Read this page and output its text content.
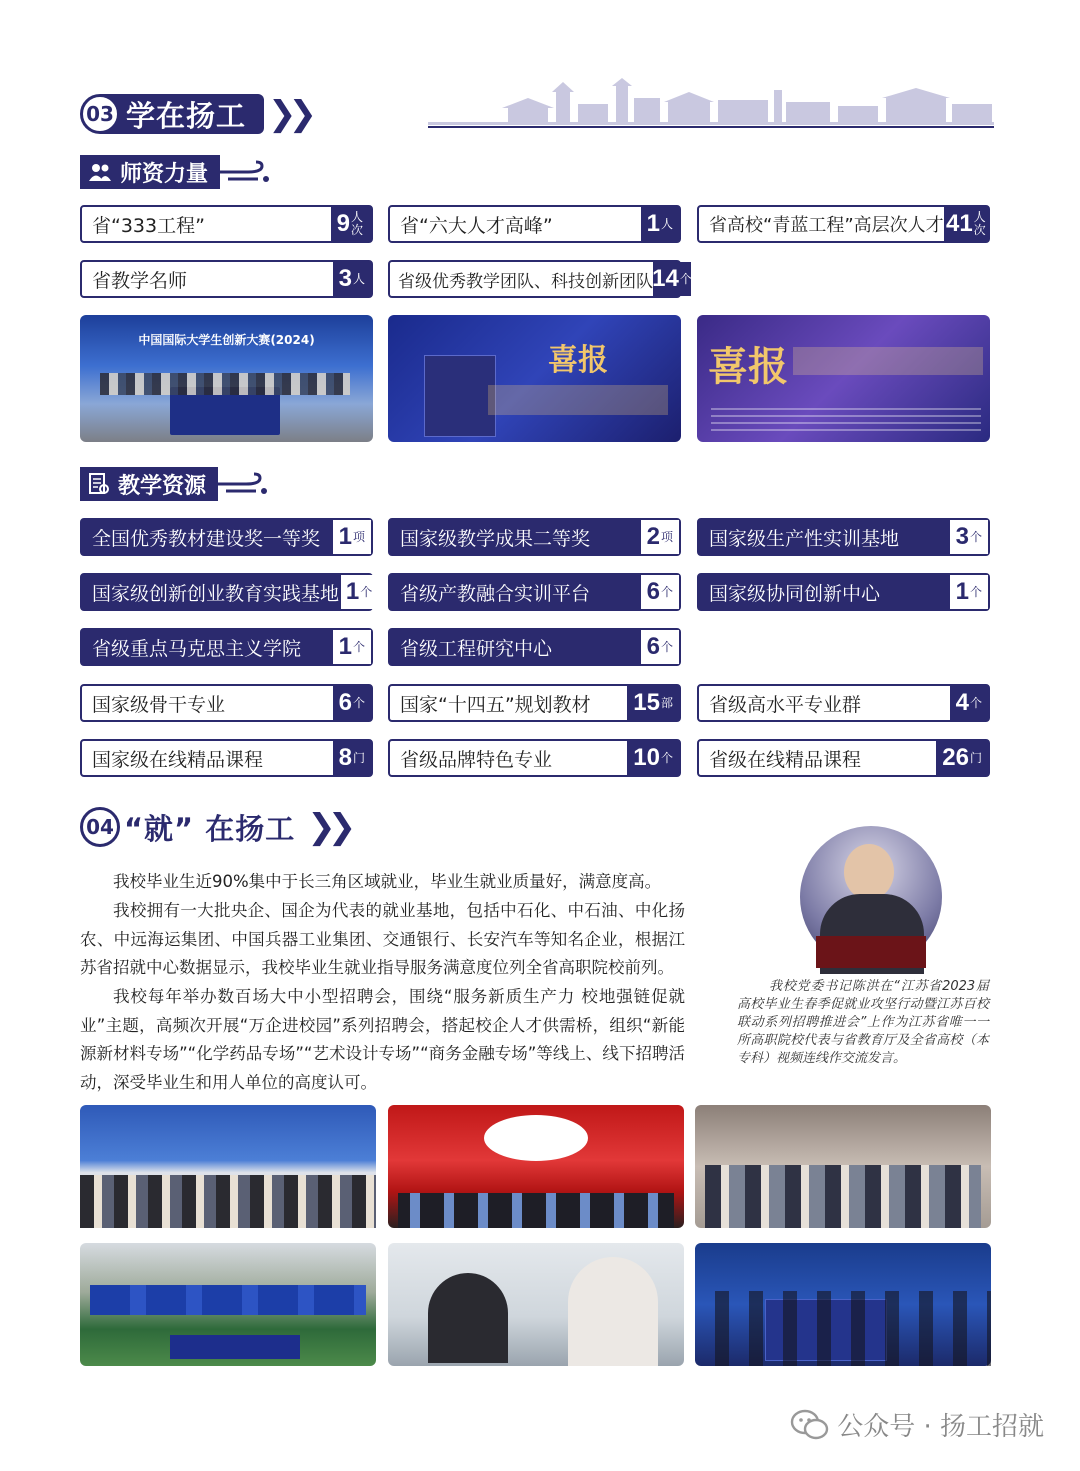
03 学在扬工 ❯❯
师资力量
省“333工程”	9 人次	省“六大人才高峰”	1 人	省高校“青蓝工程”高层次人才 41 人次
省教学名师	3 人	省级优秀教学团队、科技创新团队 14 个
中国国际大学生创新大赛(2024)
喜报	喜报
教学资源
全国优秀教材建设奖一等奖 1 项	国家级教学成果二等奖	2 项	国家级生产性实训基地	3 个
国家级创新创业教育实践基地 1 个	省级产教融合实训平台	6 个	国家级协同创新中心	1 个
省级重点马克思主义学院	1 个	省级工程研究中心	6 个
国家级骨干专业	6 个	国家“十四五”规划教材	15 部	省级高水平专业群	4 个
国家级在线精品课程	8 门	省级品牌特色专业	10 个	省级在线精品课程	26 门
04 “就” 在扬工 ❯❯
我校毕业生近90%集中于长三角区域就业，毕业生就业质量好，满意度高。
我校拥有一大批央企、国企为代表的就业基地，包括中石化、中石油、中化扬农、中远海运集团、中国兵器工业集团、交通银行、长安汽车等知名企业，根据江苏省招就中心数据显示，我校毕业生就业指导服务满意度位列全省高职院校前列。
我校每年举办数百场大中小型招聘会，围绕“服务新质生产力 校地强链促就业”主题，高频次开展“万企进校园”系列招聘会，搭起校企人才供需桥，组织“新能源新材料专场”“化学药品专场”“艺术设计专场”“商务金融专场”等线上、线下招聘活动，深受毕业生和用人单位的高度认可。
我校党委书记陈洪在“江苏省2023届高校毕业生春季促就业攻坚行动暨江苏百校联动系列招聘推进会”上作为江苏省唯一一所高职院校代表与省教育厅及全省高校（本专科）视频连线作交流发言。
公众号 · 扬工招就
